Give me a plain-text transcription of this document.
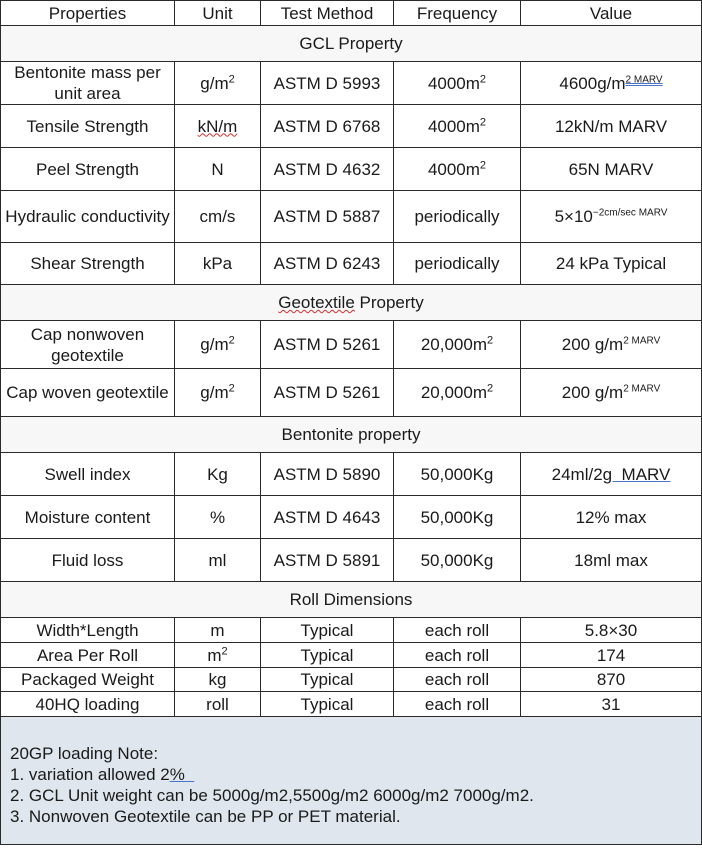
Properties	Unit	Test Method	Frequency	Value
GCL Property				
Bentonite mass per unit area	$g/m^2$	ASTM D 5993	$4000m^2$	$4600g/m^{2 MARV}$
Tensile Strength	kN/m	ASTM D 6768	$4000m^2$	12kN/m MARV
Peel Strength	N	ASTM D 4632	$4000m^2$	65N MARV
Hydraulic conductivity	cm/s	ASTM D 5887	periodically	$5\times 10^{-2cm/sec MARV}$
Shear Strength	kPa	ASTM D 6243	periodically	24 kPa Typical
Geotextile Property				
Cap nonwoven geotextile	$g/m^2$	ASTM D 5261	$20,000m^2$	200 $g/m^{2 MARV}$
Cap woven geotextile	$g/m^2$	ASTM D 5261	$20,000m^2$	200 $g/m^{2 MARV}$
Bentonite property				
Swell index	Kg	ASTM D 5890	50,000Kg	24ml/2g  MARV
Moisture content	%	ASTM D 4643	50,000Kg	12% max
Fluid loss	ml	ASTM D 5891	50,000Kg	18ml max
Roll Dimensions				
Width*Length	m	Typical	each roll	5.8×30
Area Per Roll	$m^2$	Typical	each roll	174
Packaged Weight	kg	Typical	each roll	870
40HQ loading	roll	Typical	each roll	31

20GP loading Note:
1. variation allowed 2%
2. GCL Unit weight can be 5000g/m2,5500g/m2 6000g/m2 7000g/m2.
3. Nonwoven Geotextile can be PP or PET material.				
